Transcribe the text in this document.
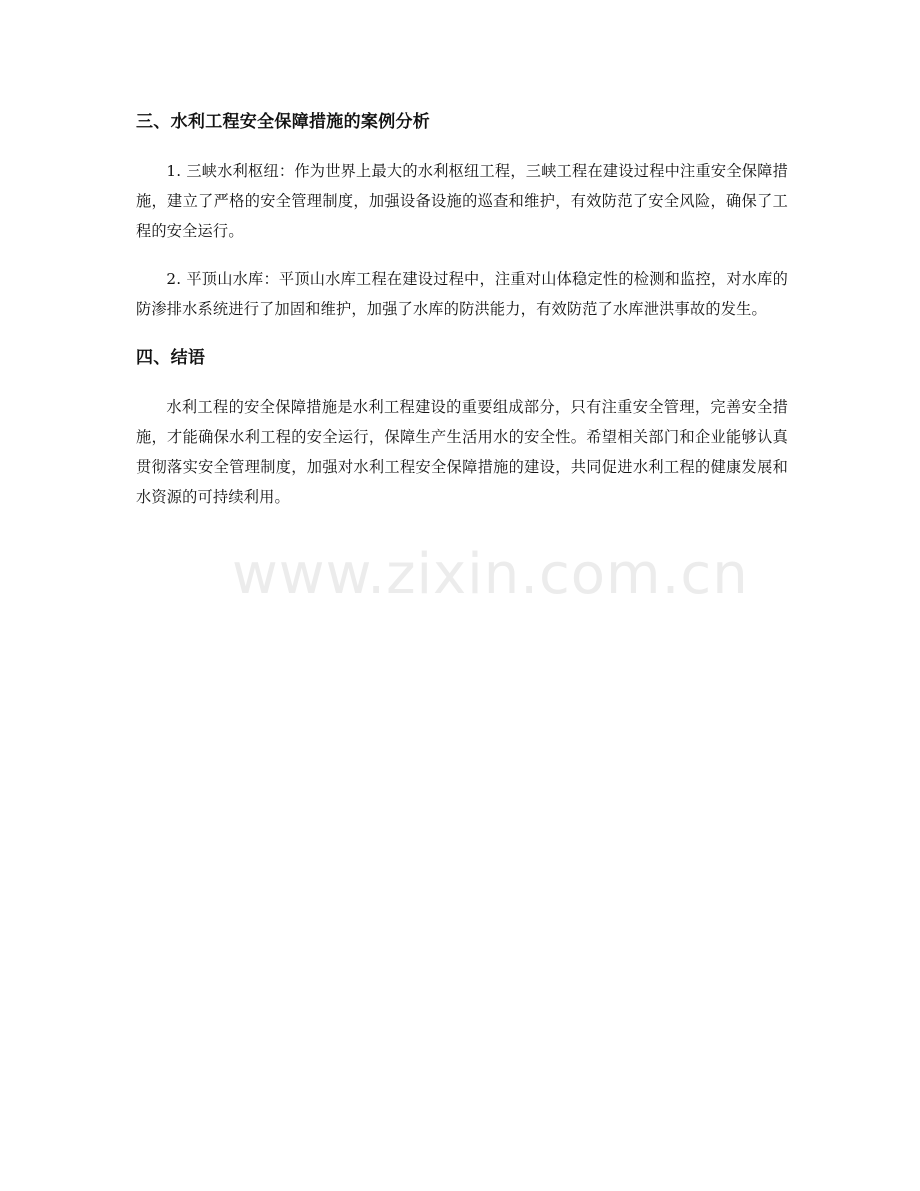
www.zixin.com.cn
三、水利工程安全保障措施的案例分析

1. 三峡水利枢纽：作为世界上最大的水利枢纽工程，三峡工程在建设过程中注重安全保障措施，建立了严格的安全管理制度，加强设备设施的巡查和维护，有效防范了安全风险，确保了工程的安全运行。

2. 平顶山水库：平顶山水库工程在建设过程中，注重对山体稳定性的检测和监控，对水库的防渗排水系统进行了加固和维护，加强了水库的防洪能力，有效防范了水库泄洪事故的发生。

四、结语

水利工程的安全保障措施是水利工程建设的重要组成部分，只有注重安全管理，完善安全措施，才能确保水利工程的安全运行，保障生产生活用水的安全性。希望相关部门和企业能够认真贯彻落实安全管理制度，加强对水利工程安全保障措施的建设，共同促进水利工程的健康发展和水资源的可持续利用。
